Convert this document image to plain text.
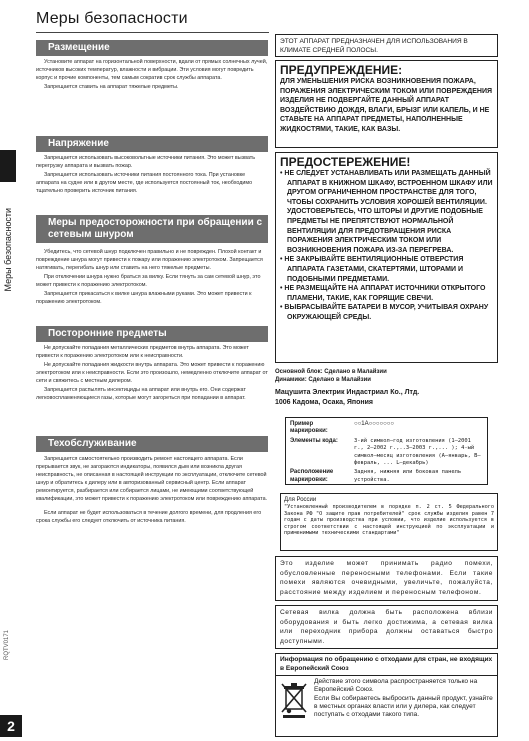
Меры безопасности
Меры безопасности
RQTV0171
2
Размещение

Установите аппарат на горизонтальной поверхности, вдали от прямых солнечных лучей, источников высоких температур, влажности и вибрации. Эти условия могут повредить корпус и прочие компоненты, тем самым сократив срок службы аппарата.

Запрещается ставить на аппарат тяжелые предметы.

Напряжение

Запрещается использовать высоковольтные источники питания. Это может вызвать перегрузку аппарата и вызвать пожар.

Запрещается использовать источники питания постоянного тока. При установке аппарата на судне или в другом месте, где используется постоянный ток, необходимо тщательно проверить источник питания.

Меры предосторожности при обращении с сетевым шнуром

Убедитесь, что сетевой шнур подключен правильно и не поврежден. Плохой контакт и повреждение шнура могут привести к пожару или поражению электротоком. Запрещается натягивать, перегибать шнур или ставить на него тяжелые предметы.

При отключении шнура нужно браться за вилку. Если тянуть за сам сетевой шнур, это может привести к поражению электротоком.

Запрещается прикасаться к вилке шнура влажными руками. Это может привести к поражению электротоком.

Посторонние предметы

Не допускайте попадания металлических предметов внутрь аппарата. Это может привести к поражению электротоком или к неисправности.

Не допускайте попадания жидкости внутрь аппарата. Это может привести к поражению электротоком или к неисправности. Если это произошло, немедленно отключите аппарат от сети и свяжитесь с местным дилером.

Запрещается распылять инсектициды на аппарат или внутрь его. Они содержат легковоспламеняющиеся газы, которые могут загореться при попадании в аппарат.

Техобслуживание

Запрещается самостоятельно производить ремонт настоящего аппарата. Если прерывается звук, не загораются индикаторы, появился дым или возникла другая неисправность, не описанная в настоящей инструкции по эксплуатации, отключите сетевой шнур и обратитесь к дилеру или в авторизованный сервисный центр. Если аппарат ремонтируется, разбирается или собирается лицами, не имеющими соответствующей квалификации, это может привести к поражению электротоком или повреждению аппарата.

Если аппарат не будет использоваться в течение долгого времени, для продления его срока службы его следует отключить от источника питания.

ЭТОТ АППАРАТ ПРЕДНАЗНАЧЕН ДЛЯ ИСПОЛЬЗОВАНИЯ В КЛИМАТЕ СРЕДНЕЙ ПОЛОСЫ.
ПРЕДУПРЕЖДЕНИЕ:
ДЛЯ УМЕНЬШЕНИЯ РИСКА ВОЗНИКНОВЕНИЯ ПОЖАРА, ПОРАЖЕНИЯ ЭЛЕКТРИЧЕСКИМ ТОКОМ ИЛИ ПОВРЕЖДЕНИЯ ИЗДЕЛИЯ НЕ ПОДВЕРГАЙТЕ ДАННЫЙ АППАРАТ ВОЗДЕЙСТВИЮ ДОЖДЯ, ВЛАГИ, БРЫЗГ ИЛИ КАПЕЛЬ, И НЕ СТАВЬТЕ НА АППАРАТ ПРЕДМЕТЫ, НАПОЛНЕННЫЕ ЖИДКОСТЯМИ, ТАКИЕ, КАК ВАЗЫ.
ПРЕДОСТЕРЕЖЕНИЕ!
• НЕ СЛЕДУЕТ УСТАНАВЛИВАТЬ ИЛИ РАЗМЕЩАТЬ ДАННЫЙ АППАРАТ В КНИЖНОМ ШКАФУ, ВСТРОЕННОМ ШКАФУ ИЛИ ДРУГОМ ОГРАНИЧЕННОМ ПРОСТРАНСТВЕ ДЛЯ ТОГО, ЧТОБЫ СОХРАНИТЬ УСЛОВИЯ ХОРОШЕЙ ВЕНТИЛЯЦИИ. УДОСТОВЕРЬТЕСЬ, ЧТО ШТОРЫ И ДРУГИЕ ПОДОБНЫЕ ПРЕДМЕТЫ НЕ ПРЕПЯТСТВУЮТ НОРМАЛЬНОЙ ВЕНТИЛЯЦИИ ДЛЯ ПРЕДОТВРАЩЕНИЯ РИСКА ПОРАЖЕНИЯ ЭЛЕКТРИЧЕСКИМ ТОКОМ ИЛИ ВОЗНИКНОВЕНИЯ ПОЖАРА ИЗ-ЗА ПЕРЕГРЕВА.
• НЕ ЗАКРЫВАЙТЕ ВЕНТИЛЯЦИОННЫЕ ОТВЕРСТИЯ АППАРАТА ГАЗЕТАМИ, СКАТЕРТЯМИ, ШТОРАМИ И ПОДОБНЫМИ ПРЕДМЕТАМИ.
• НЕ РАЗМЕЩАЙТЕ НА АППАРАТ ИСТОЧНИКИ ОТКРЫТОГО ПЛАМЕНИ, ТАКИЕ, КАК ГОРЯЩИЕ СВЕЧИ.
• ВЫБРАСЫВАЙТЕ БАТАРЕИ В МУСОР, УЧИТЫВАЯ ОХРАНУ ОКРУЖАЮЩЕЙ СРЕДЫ.
Основной блок: Сделано в Малайзии
Динамики: Сделано в Малайзии
Мацушита Электрик Индастриал Ко., Лтд.
1006 Кадома, Осака, Япония
Пример маркировки:	○○1A○○○○○○○
Элементы кода:	3-ий символ—год изготовления (1–2001 г., 2–2002 г.,..3–2003 г.,... ); 4-ый символ—месяц изготовления (А–январь, B–февраль, ... L–декабрь)
Расположение маркировки:	Задняя, нижняя или боковая панель устройства.
Для России
"Установленный производителем в порядке п. 2 ст. 5 Федерального Закона РФ "О защите прав потребителей" срок службы изделия равен 7 годам с даты производства при условии, что изделие используется в строгом соответствии с настоящей инструкцией по эксплуатации и применимыми техническими стандартами"
Это изделие может принимать радио помехи, обусловленные переносными телефонами. Если такие помехи являются очевидными, увеличьте, пожалуйста, расстояние между изделием и переносным телефоном.
Сетевая вилка должна быть расположена вблизи оборудования и быть легко достижима, а сетевая вилка или переходник прибора должны оставаться быстро доступными.
Информация по обращению с отходами для стран, не входящих в Европейский Союз
Действие этого символа распространяется только на Европейский Союз.
Если Вы собираетесь выбросить данный продукт, узнайте в местных органах власти или у дилера, как следует поступать с отходами такого типа.
